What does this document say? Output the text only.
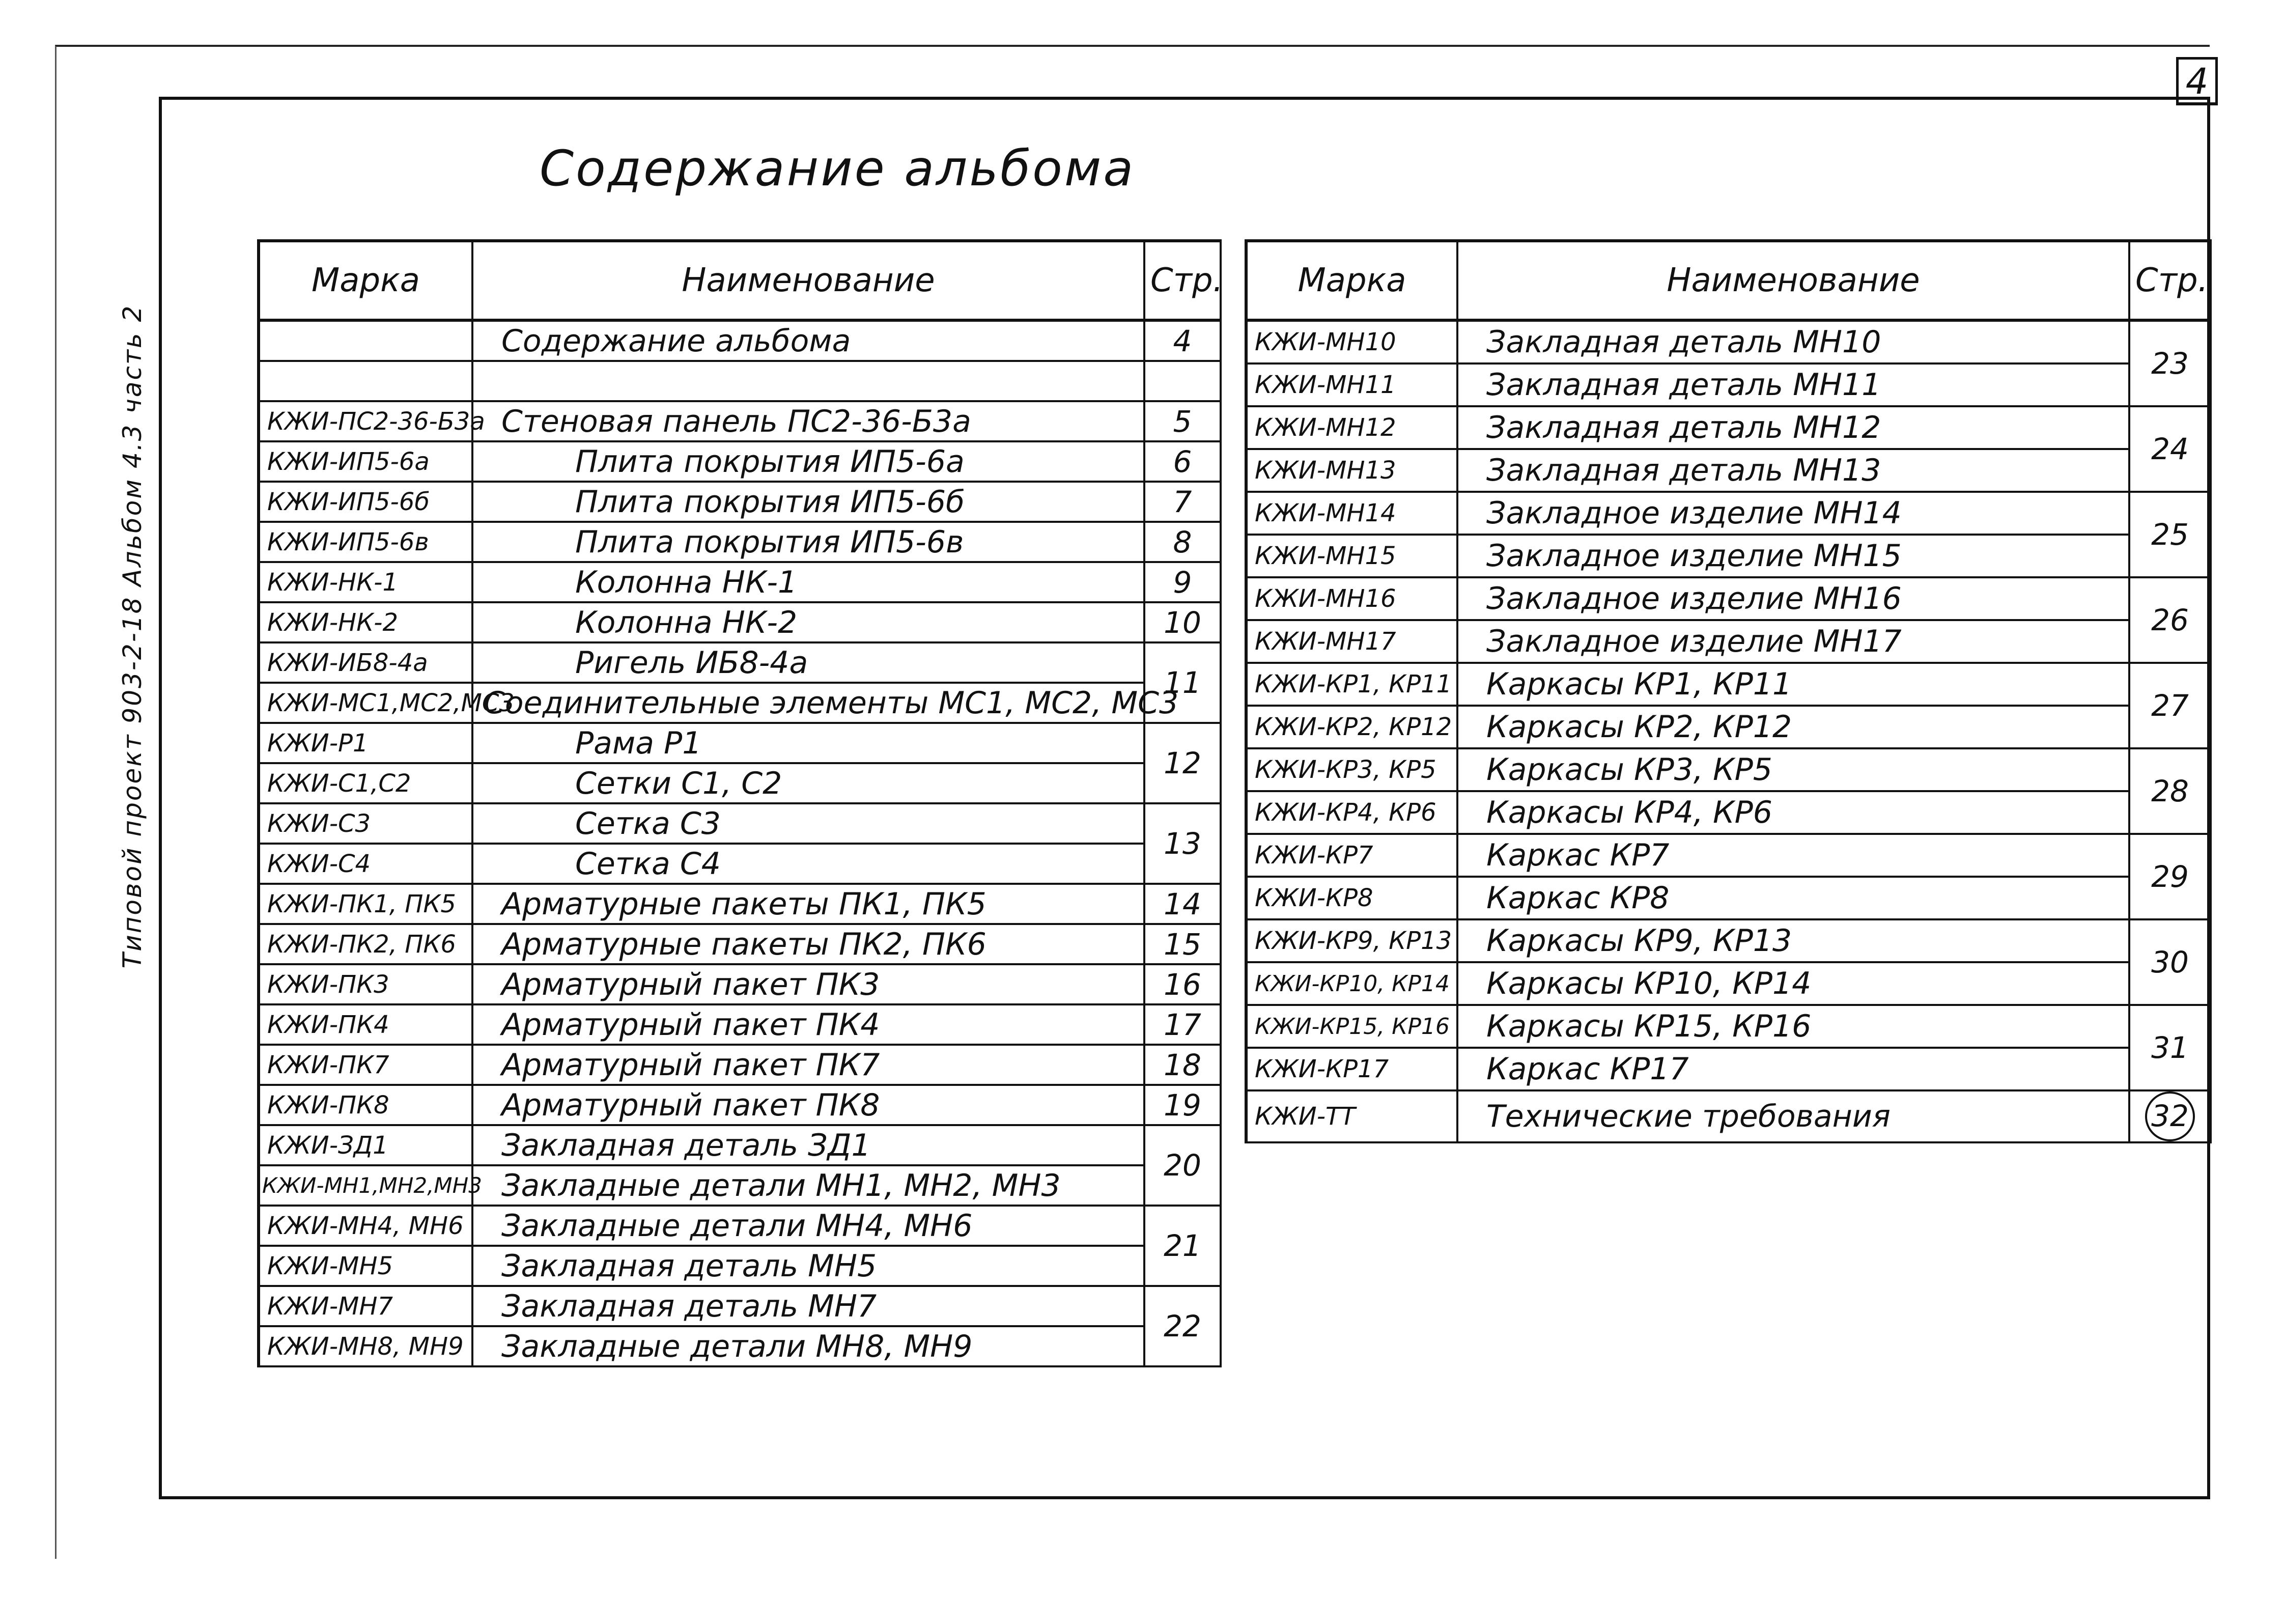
4
Типовой проект 903-2-18 Альбом 4.3 часть 2
Содержание альбома
Марка	Наименование	Стр.
	Содержание альбома	4

КЖИ-ПС2-36-Б3а	Стеновая панель ПС2-36-Б3а	5
КЖИ-ИП5-6а	Плита покрытия ИП5-6а	6
КЖИ-ИП5-6б	Плита покрытия ИП5-6б	7
КЖИ-ИП5-6в	Плита покрытия ИП5-6в	8
КЖИ-НК-1	Колонна НК-1	9
КЖИ-НК-2	Колонна НК-2	10
КЖИ-ИБ8-4а	Ригель ИБ8-4а	11
КЖИ-МС1,МС2,МС3	Соединительные элементы МС1, МС2, МС3	
КЖИ-Р1	Рама Р1	12
КЖИ-С1,С2	Сетки С1, С2	
КЖИ-С3	Сетка С3	13
КЖИ-С4	Сетка С4	
КЖИ-ПК1, ПК5	Арматурные пакеты ПК1, ПК5	14
КЖИ-ПК2, ПК6	Арматурные пакеты ПК2, ПК6	15
КЖИ-ПК3	Арматурный пакет ПК3	16
КЖИ-ПК4	Арматурный пакет ПК4	17
КЖИ-ПК7	Арматурный пакет ПК7	18
КЖИ-ПК8	Арматурный пакет ПК8	19
КЖИ-ЗД1	Закладная деталь ЗД1	20
КЖИ-МН1,МН2,МН3	Закладные детали МН1, МН2, МН3	
КЖИ-МН4, МН6	Закладные детали МН4, МН6	21
КЖИ-МН5	Закладная деталь МН5	
КЖИ-МН7	Закладная деталь МН7	22
КЖИ-МН8, МН9	Закладные детали МН8, МН9	
Марка	Наименование	Стр.
КЖИ-МН10	Закладная деталь МН10	23
КЖИ-МН11	Закладная деталь МН11	
КЖИ-МН12	Закладная деталь МН12	24
КЖИ-МН13	Закладная деталь МН13	
КЖИ-МН14	Закладное изделие МН14	25
КЖИ-МН15	Закладное изделие МН15	
КЖИ-МН16	Закладное изделие МН16	26
КЖИ-МН17	Закладное изделие МН17	
КЖИ-КР1, КР11	Каркасы КР1, КР11	27
КЖИ-КР2, КР12	Каркасы КР2, КР12	
КЖИ-КР3, КР5	Каркасы КР3, КР5	28
КЖИ-КР4, КР6	Каркасы КР4, КР6	
КЖИ-КР7	Каркас КР7	29
КЖИ-КР8	Каркас КР8	
КЖИ-КР9, КР13	Каркасы КР9, КР13	30
КЖИ-КР10, КР14	Каркасы КР10, КР14	
КЖИ-КР15, КР16	Каркасы КР15, КР16	31
КЖИ-КР17	Каркас КР17	
КЖИ-ТТ	Технические требования	32
